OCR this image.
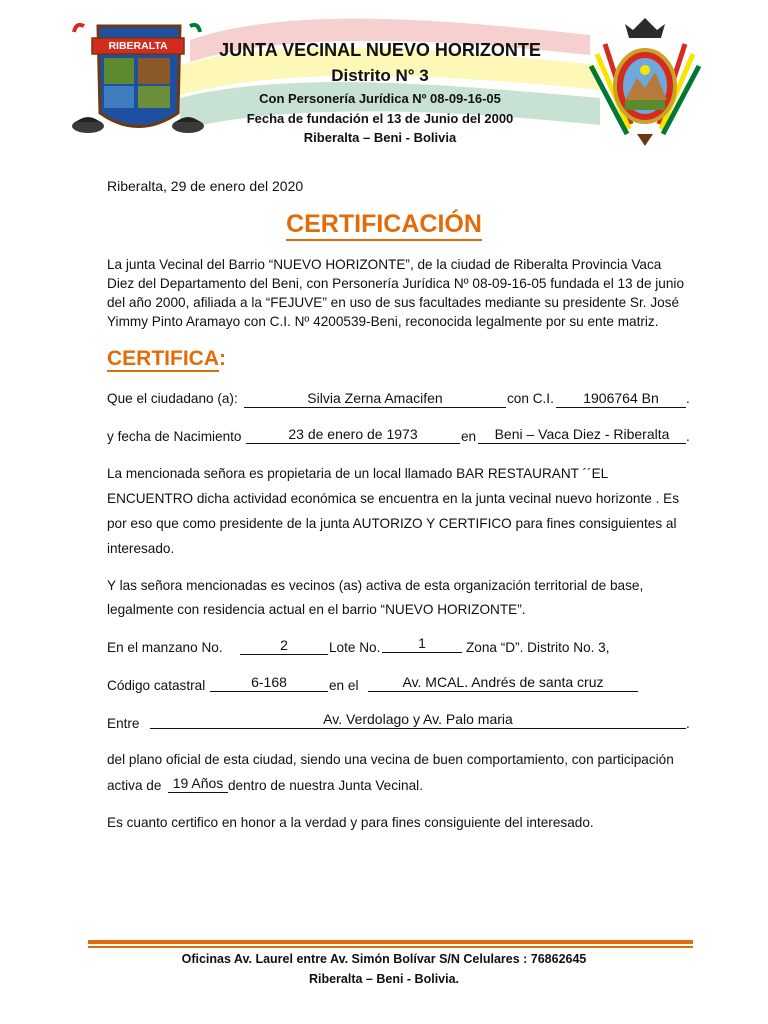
RIBERALTA	JUNTA VECINAL NUEVO HORIZONTE
Distrito N° 3
Con Personería Jurídica Nº 08-09-16-05
Fecha de fundación el 13 de Junio del 2000
Riberalta – Beni - Bolivia
Riberalta, 29 de enero del 2020
CERTIFICACIÓN
La junta Vecinal del Barrio “NUEVO HORIZONTE”, de la ciudad de Riberalta Provincia Vaca
Diez del Departamento del Beni, con Personería Jurídica Nº 08-09-16-05 fundada el 13 de junio
del año 2000, afiliada a la “FEJUVE” en uso de sus facultades mediante su presidente Sr. José
Yimmy Pinto Aramayo con C.I. Nº 4200539-Beni, reconocida legalmente por su ente matriz.
CERTIFICA:
Que el ciudadano (a):	Silvia Zerna Amacifen	con C.I.	1906764 Bn	.
y fecha de Nacimiento	23 de enero de 1973	en	Beni – Vaca Diez - Riberalta	.
La mencionada señora es propietaria de un local llamado BAR RESTAURANT ´´EL
ENCUENTRO dicha actividad económica se encuentra en la junta vecinal nuevo horizonte . Es
por eso que como presidente de la junta AUTORIZO Y CERTIFICO para fines consiguientes al
interesado.
Y las señora mencionadas es vecinos (as) activa de esta organización territorial de base,
legalmente con residencia actual en el barrio “NUEVO HORIZONTE”.
En el manzano No.	2	Lote No.	1	Zona “D”. Distrito No. 3,
Código catastral	6-168	en el	Av. MCAL. Andrés de santa cruz
Entre	Av. Verdolago y Av. Palo maria	.
del plano oficial de esta ciudad, siendo una vecina de buen comportamiento, con participación
activa de 19 Años dentro de nuestra Junta Vecinal.
Es cuanto certifico en honor a la verdad y para fines consiguiente del interesado.
Oficinas Av. Laurel entre Av. Simón Bolívar S/N Celulares : 76862645
Riberalta – Beni - Bolivia.
